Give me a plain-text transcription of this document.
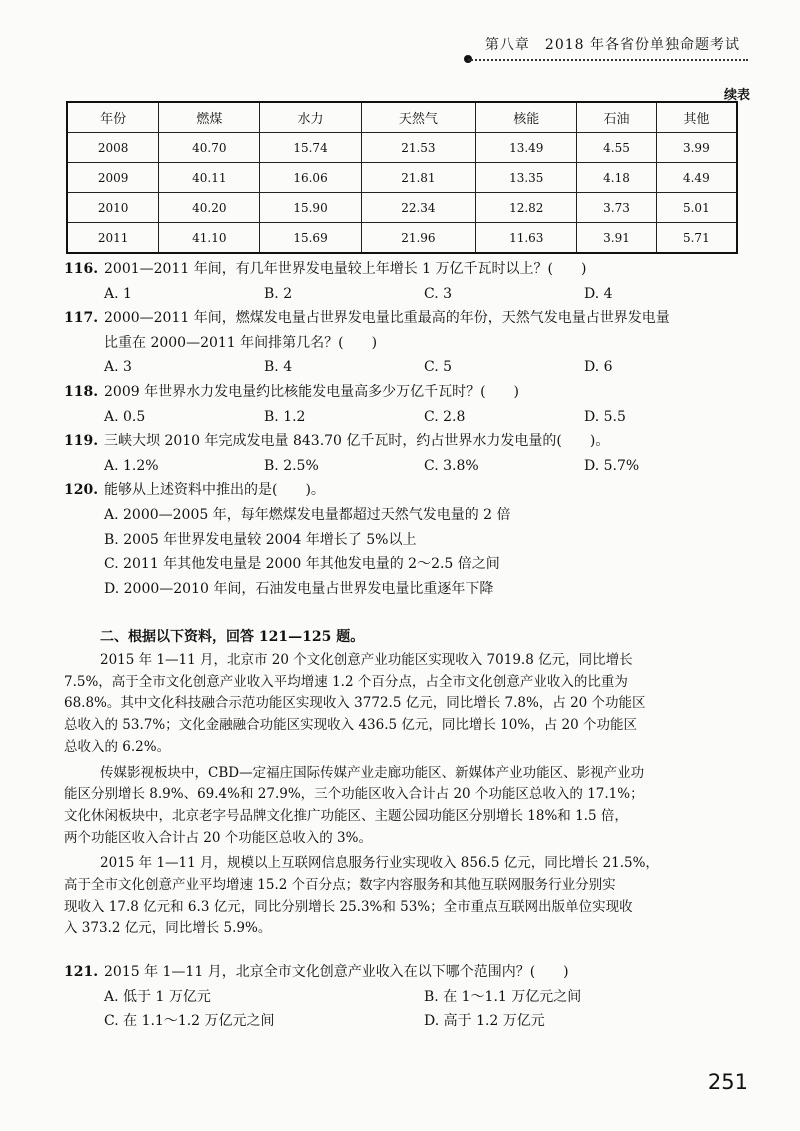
第八章　2018 年各省份单独命题考试
续表
年份	燃煤	水力	天然气	核能	石油	其他
2008	40.70	15.74	21.53	13.49	4.55	3.99
2009	40.11	16.06	21.81	13.35	4.18	4.49
2010	40.20	15.90	22.34	12.82	3.73	5.01
2011	41.10	15.69	21.96	11.63	3.91	5.71
116. 2001—2011 年间，有几年世界发电量较上年增长 1 万亿千瓦时以上？(　　)
A. 1	B. 2	C. 3	D. 4
117. 2000—2011 年间，燃煤发电量占世界发电量比重最高的年份，天然气发电量占世界发电量
比重在 2000—2011 年间排第几名？(　　)
A. 3	B. 4	C. 5	D. 6
118. 2009 年世界水力发电量约比核能发电量高多少万亿千瓦时？(　　)
A. 0.5	B. 1.2	C. 2.8	D. 5.5
119. 三峡大坝 2010 年完成发电量 843.70 亿千瓦时，约占世界水力发电量的(　　)。
A. 1.2%	B. 2.5%	C. 3.8%	D. 5.7%
120. 能够从上述资料中推出的是(　　)。
A. 2000—2005 年，每年燃煤发电量都超过天然气发电量的 2 倍
B. 2005 年世界发电量较 2004 年增长了 5%以上
C. 2011 年其他发电量是 2000 年其他发电量的 2～2.5 倍之间
D. 2000—2010 年间，石油发电量占世界发电量比重逐年下降
二、根据以下资料，回答 121—125 题。
2015 年 1—11 月，北京市 20 个文化创意产业功能区实现收入 7019.8 亿元，同比增长
7.5%，高于全市文化创意产业收入平均增速 1.2 个百分点，占全市文化创意产业收入的比重为
68.8%。其中文化科技融合示范功能区实现收入 3772.5 亿元，同比增长 7.8%，占 20 个功能区
总收入的 53.7%；文化金融融合功能区实现收入 436.5 亿元，同比增长 10%，占 20 个功能区
总收入的 6.2%。
传媒影视板块中，CBD—定福庄国际传媒产业走廊功能区、新媒体产业功能区、影视产业功
能区分别增长 8.9%、69.4%和 27.9%，三个功能区收入合计占 20 个功能区总收入的 17.1%；
文化休闲板块中，北京老字号品牌文化推广功能区、主题公园功能区分别增长 18%和 1.5 倍，
两个功能区收入合计占 20 个功能区总收入的 3%。
2015 年 1—11 月，规模以上互联网信息服务行业实现收入 856.5 亿元，同比增长 21.5%，
高于全市文化创意产业平均增速 15.2 个百分点；数字内容服务和其他互联网服务行业分别实
现收入 17.8 亿元和 6.3 亿元，同比分别增长 25.3%和 53%；全市重点互联网出版单位实现收
入 373.2 亿元，同比增长 5.9%。
121. 2015 年 1—11 月，北京全市文化创意产业收入在以下哪个范围内？(　　)
A. 低于 1 万亿元	B. 在 1～1.1 万亿元之间
C. 在 1.1～1.2 万亿元之间	D. 高于 1.2 万亿元
251
